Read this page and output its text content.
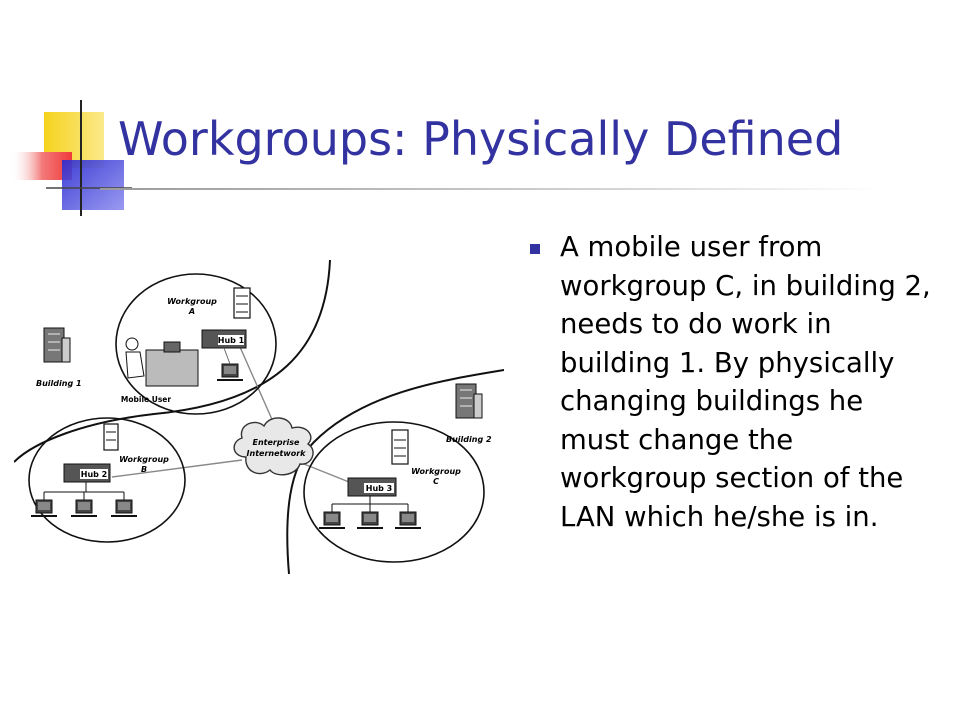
Workgroups: Physically Defined
Enterprise
Internetwork
Workgroup
A
Hub 1
Mobile User
Building 1
Workgroup
B
Hub 2
Building 2
Workgroup
C
Hub 3

A mobile user from workgroup C, in building 2, needs to do work in building 1. By physically changing buildings he must change the workgroup section of the LAN which he/she is in.
